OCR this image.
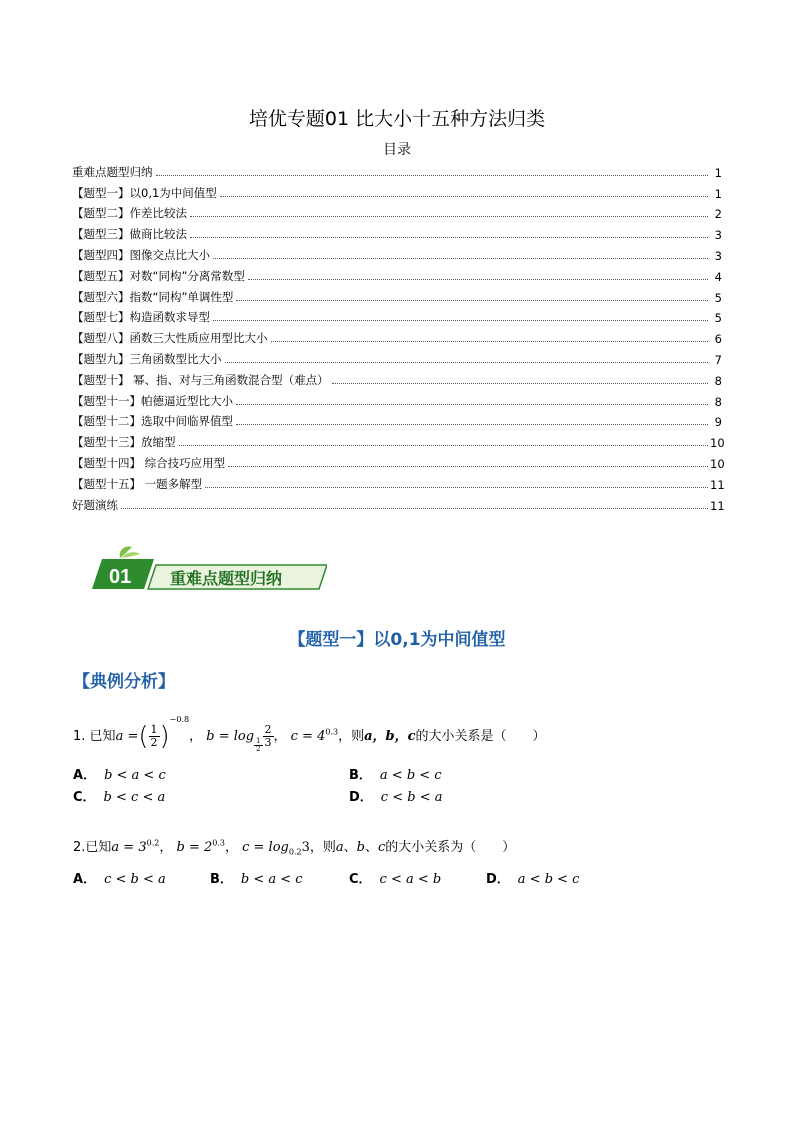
培优专题01 比大小十五种方法归类
目录
重难点题型归纳	1
【题型一】以0,1为中间值型	1
【题型二】作差比较法	2
【题型三】做商比较法	3
【题型四】图像交点比大小	3
【题型五】对数“同构”分离常数型	4
【题型六】指数“同构”单调性型	5
【题型七】构造函数求导型	5
【题型八】函数三大性质应用型比大小	6
【题型九】三角函数型比大小	7
【题型十】 幂、指、对与三角函数混合型（难点）	8
【题型十一】帕德逼近型比大小	8
【题型十二】选取中间临界值型	9
【题型十三】放缩型	10
【题型十四】 综合技巧应用型	10
【题型十五】 一题多解型	11
好题演练	11
01 重难点题型归纳
【题型一】以0,1为中间值型
【典例分析】
1. 已知a =( $\frac{1}{2} )^{-0.8}$， b = log
$_{\frac{1}{2}} \frac{2}{3}$ ， $c = 4^{0.3}$，则a，b，c的大小关系是（　　）
A． b < a < c	B． a < b < c
C． b < c < a	D． c < b < a
2.已知$a = 3^{0.2}$， $b = 2^{0.3}$， $c = \log_{0.2}3$，则a、b、c的大小关系为（　　）
A． c < b < a	B． b < a < c	C． c < a < b	D． a < b < c
